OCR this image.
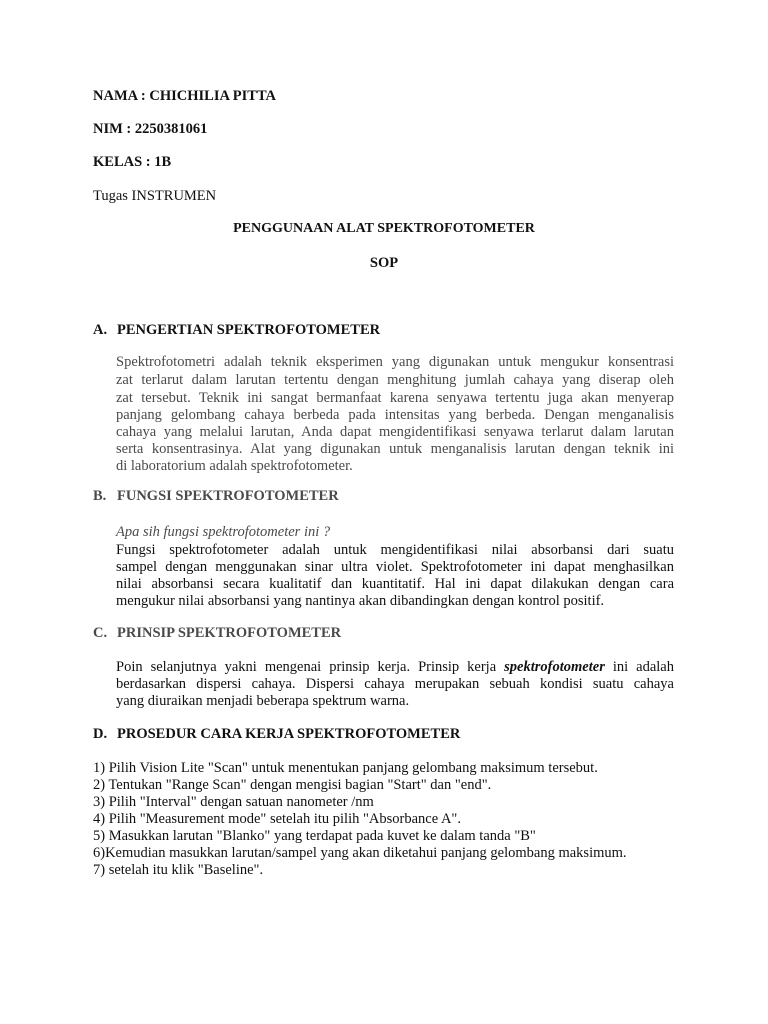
NAMA : CHICHILIA PITTA
NIM : 2250381061
KELAS : 1B
Tugas INSTRUMEN
PENGGUNAAN ALAT SPEKTROFOTOMETER
SOP
A. PENGERTIAN SPEKTROFOTOMETER
Spektrofotometri adalah teknik eksperimen yang digunakan untuk mengukur konsentrasi
zat terlarut dalam larutan tertentu dengan menghitung jumlah cahaya yang diserap oleh
zat tersebut. Teknik ini sangat bermanfaat karena senyawa tertentu juga akan menyerap
panjang gelombang cahaya berbeda pada intensitas yang berbeda. Dengan menganalisis
cahaya yang melalui larutan, Anda dapat mengidentifikasi senyawa terlarut dalam larutan
serta konsentrasinya. Alat yang digunakan untuk menganalisis larutan dengan teknik ini
di laboratorium adalah spektrofotometer.
B. FUNGSI SPEKTROFOTOMETER
Apa sih fungsi spektrofotometer ini ?
Fungsi spektrofotometer adalah untuk mengidentifikasi nilai absorbansi dari suatu
sampel dengan menggunakan sinar ultra violet. Spektrofotometer ini dapat menghasilkan
nilai absorbansi secara kualitatif dan kuantitatif. Hal ini dapat dilakukan dengan cara
mengukur nilai absorbansi yang nantinya akan dibandingkan dengan kontrol positif.
C. PRINSIP SPEKTROFOTOMETER
Poin selanjutnya yakni mengenai prinsip kerja. Prinsip kerja spektrofotometer ini adalah
berdasarkan dispersi cahaya. Dispersi cahaya merupakan sebuah kondisi suatu cahaya
yang diuraikan menjadi beberapa spektrum warna.
D. PROSEDUR CARA KERJA SPEKTROFOTOMETER
1) Pilih Vision Lite "Scan" untuk menentukan panjang gelombang maksimum tersebut.
2) Tentukan "Range Scan" dengan mengisi bagian "Start" dan "end".
3) Pilih "Interval" dengan satuan nanometer /nm
4) Pilih "Measurement mode" setelah itu pilih "Absorbance A".
5) Masukkan larutan "Blanko" yang terdapat pada kuvet ke dalam tanda "B"
6)Kemudian masukkan larutan/sampel yang akan diketahui panjang gelombang maksimum.
7) setelah itu klik "Baseline".
